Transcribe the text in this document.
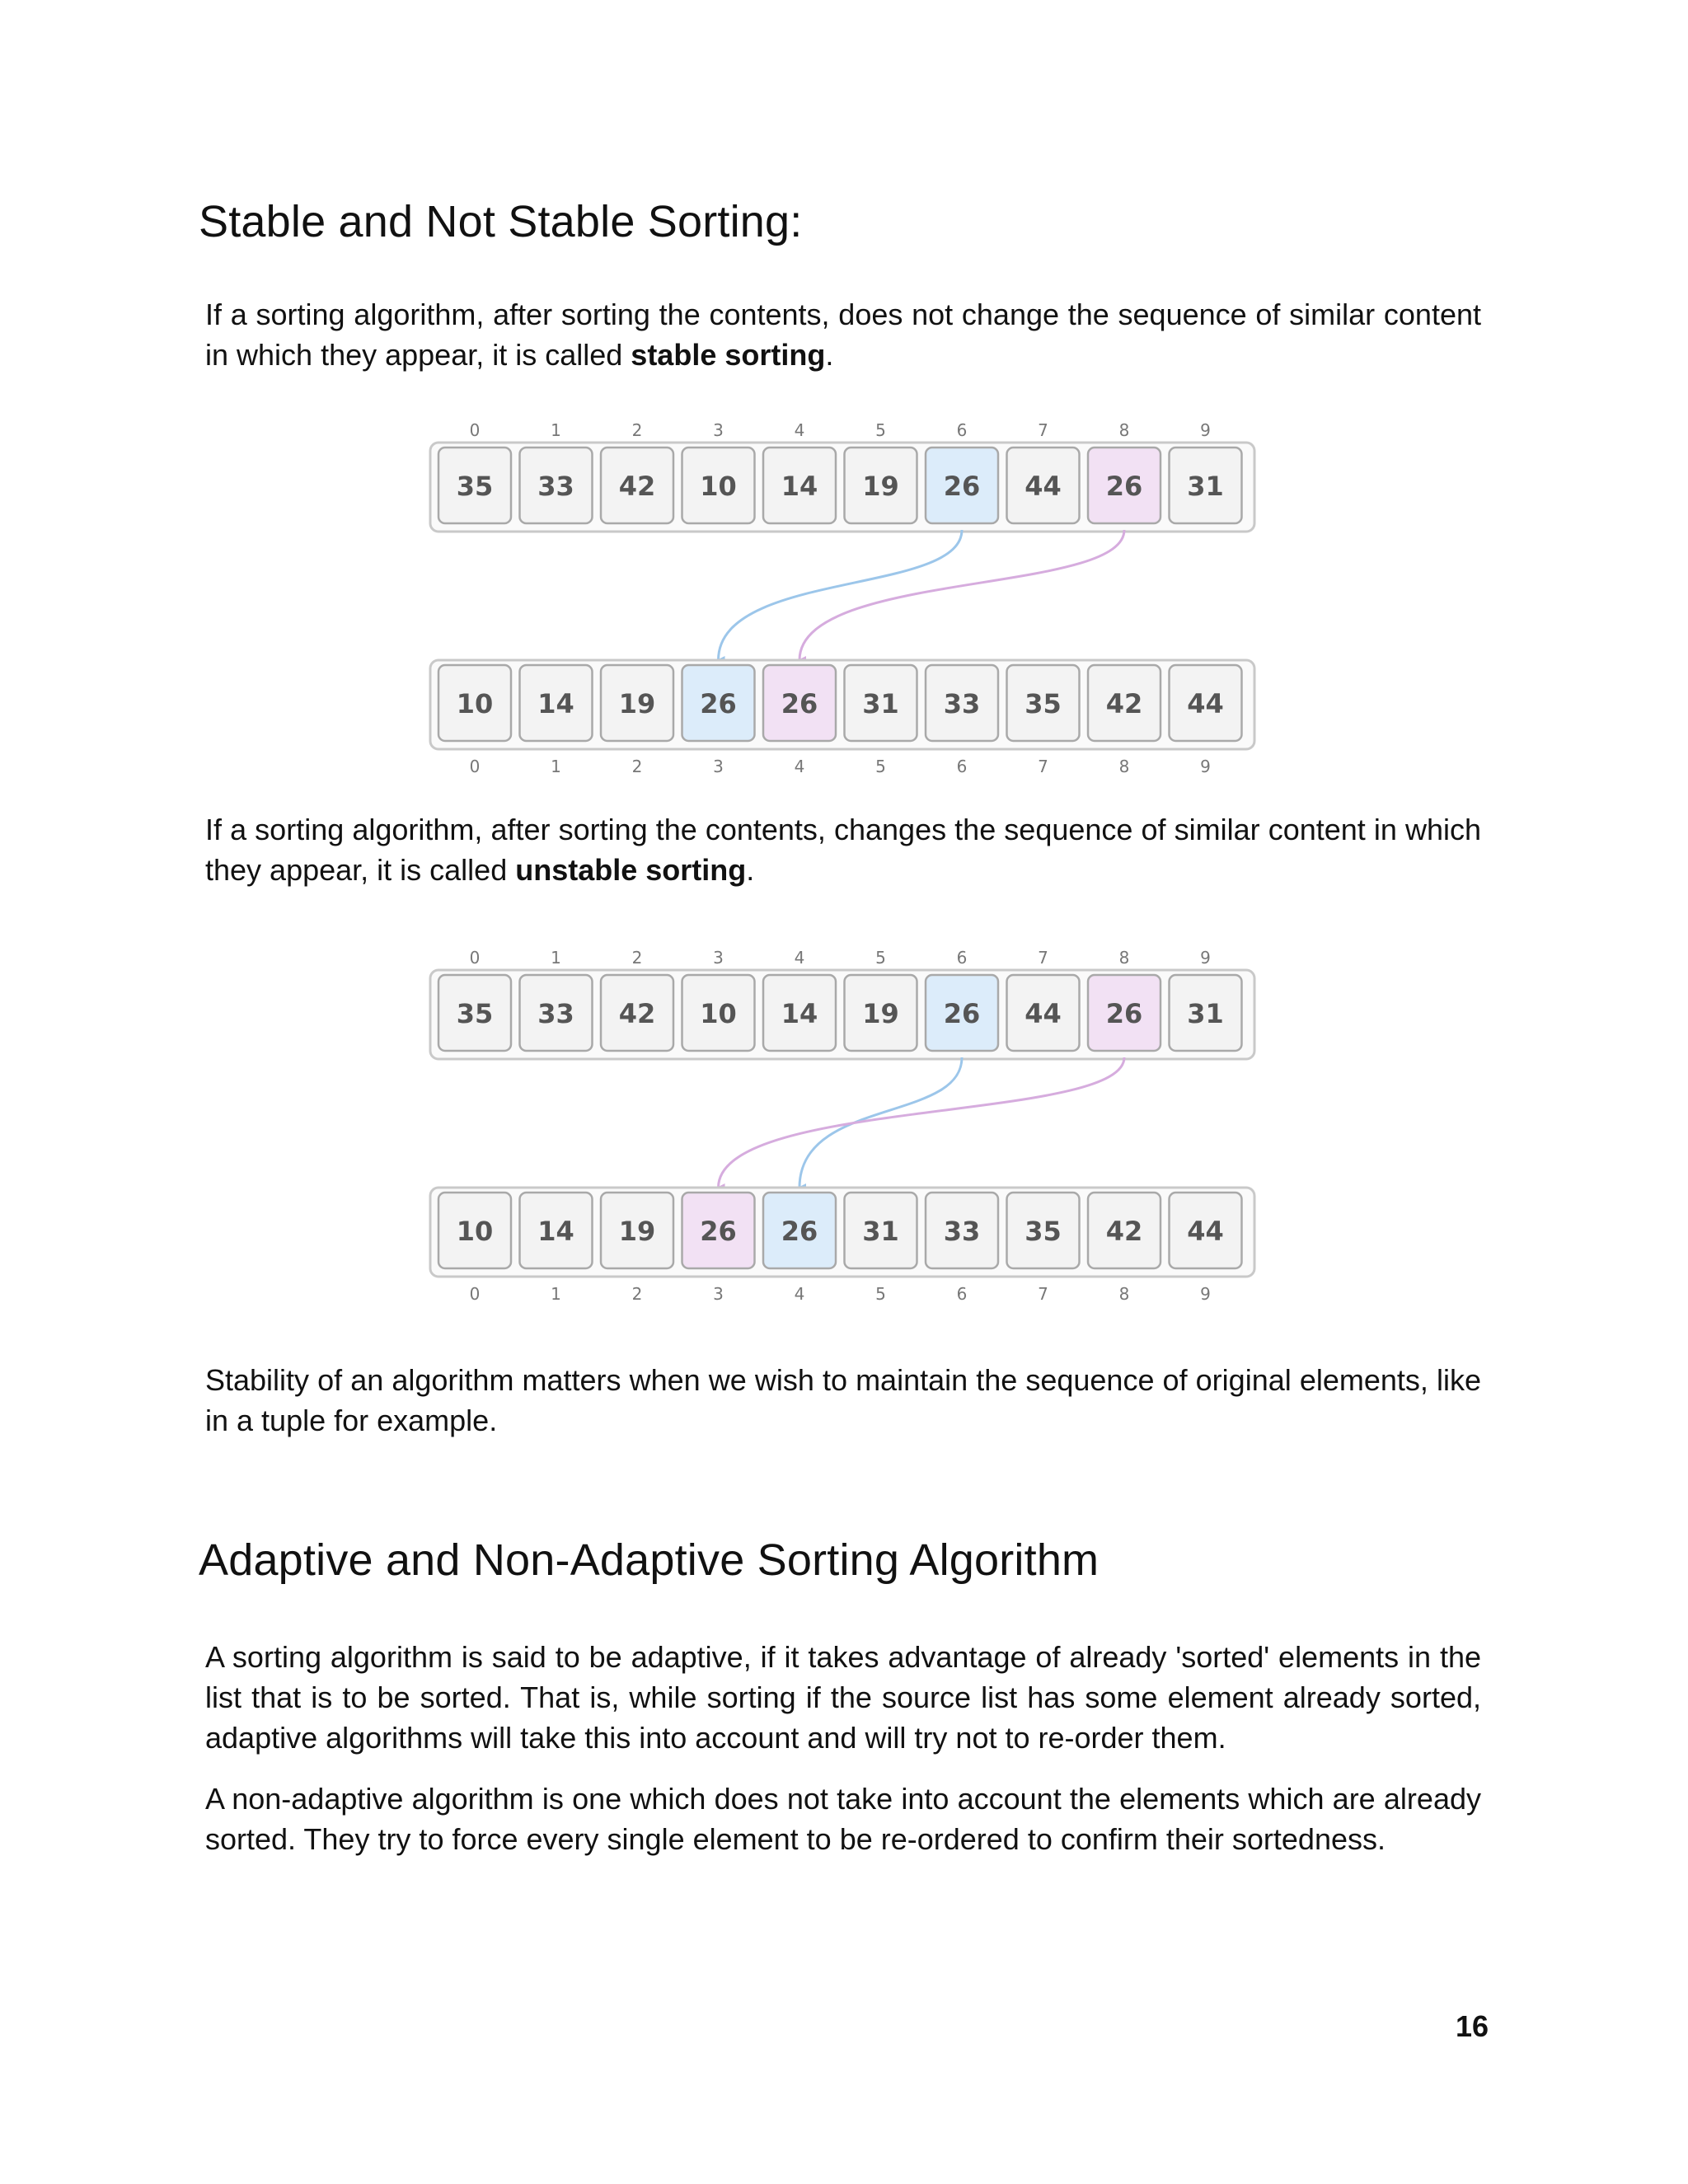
Stable and Not Stable Sorting:

If a sorting algorithm, after sorting the contents, does not change the sequence of similar content in which they appear, it is called stable sorting.

0	1	2	3	4	5	6	7	8	9
35 33 42 10 14 19 26 44 26 31
10 14 19 26 26 31 33 35 42 44
0	1	2	3	4	5	6	7	8	9

If a sorting algorithm, after sorting the contents, changes the sequence of similar content in which they appear, it is called unstable sorting.

0	1	2	3	4	5	6	7	8	9
35 33 42 10 14 19 26 44 26 31
10 14 19 26 26 31 33 35 42 44
0	1	2	3	4	5	6	7	8	9

Stability of an algorithm matters when we wish to maintain the sequence of original elements, like in a tuple for example.

Adaptive and Non-Adaptive Sorting Algorithm

A sorting algorithm is said to be adaptive, if it takes advantage of already 'sorted' elements in the list that is to be sorted. That is, while sorting if the source list has some element already sorted, adaptive algorithms will take this into account and will try not to re-order them.

A non-adaptive algorithm is one which does not take into account the elements which are already sorted. They try to force every single element to be re-ordered to confirm their sortedness.

16
